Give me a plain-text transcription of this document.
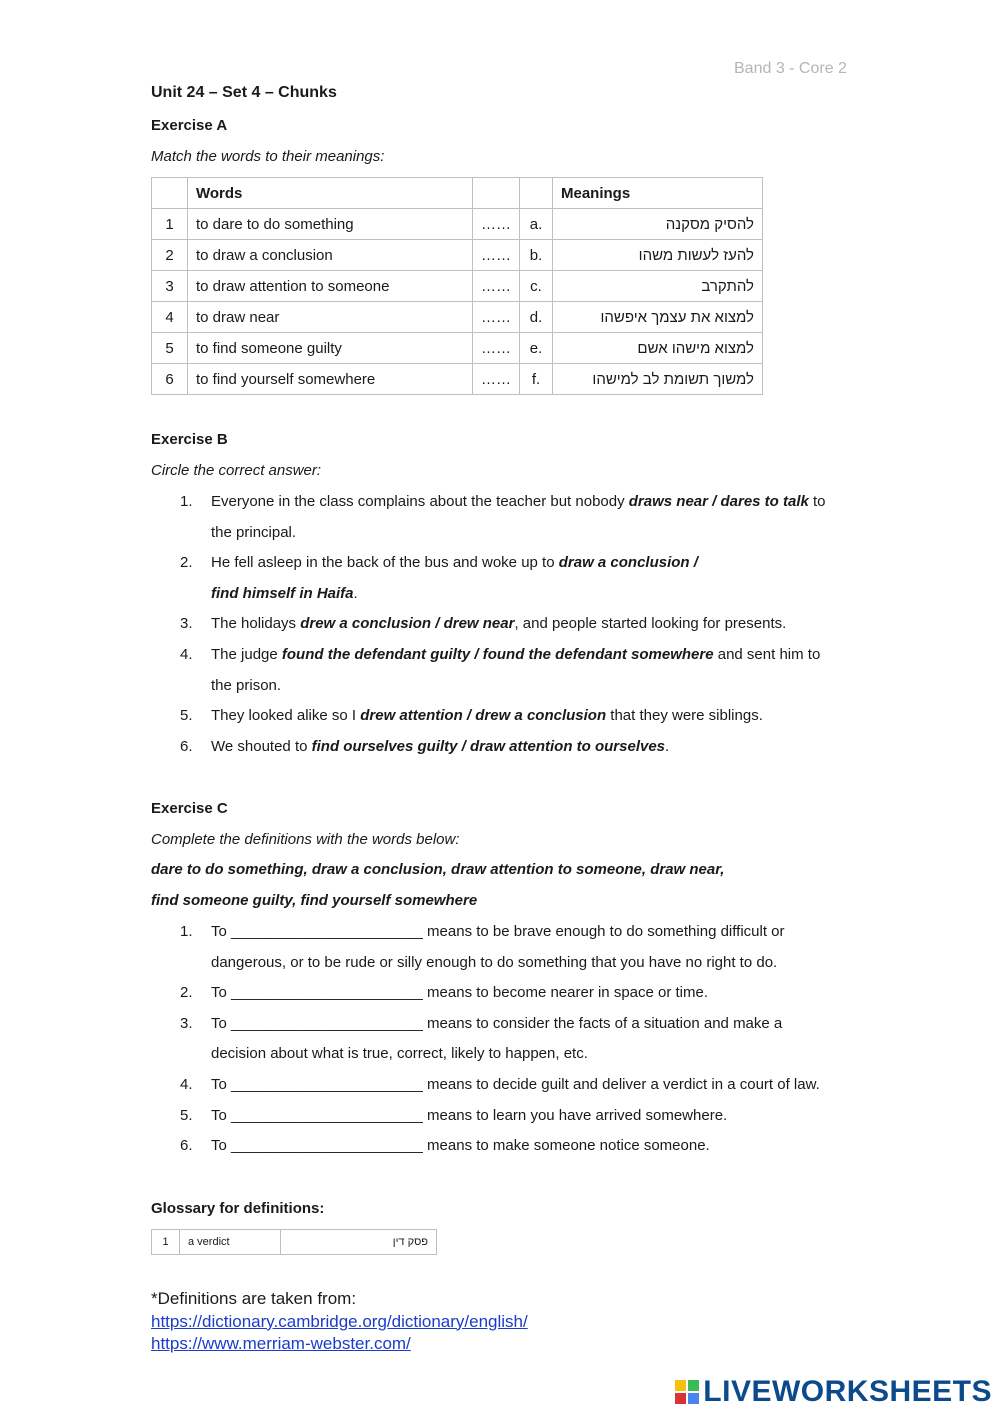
Band 3 - Core 2
Unit 24 – Set 4 – Chunks
Exercise A
Match the words to their meanings:
	Words			Meanings
1	to dare to do something	……	a.	להסיק מסקנה
2	to draw a conclusion	……	b.	להעז לעשות משהו
3	to draw attention to someone	……	c.	להתקרב
4	to draw near	……	d.	למצוא את עצמך איפשהו
5	to find someone guilty	……	e.	למצוא מישהו אשם
6	to find yourself somewhere	……	f.	למשוך תשומת לב למישהו
Exercise B
Circle the correct answer:
1. Everyone in the class complains about the teacher but nobody draws near / dares to talk to
the principal.
2. He fell asleep in the back of the bus and woke up to draw a conclusion /
find himself in Haifa.
3. The holidays drew a conclusion / drew near, and people started looking for presents.
4. The judge found the defendant guilty / found the defendant somewhere and sent him to
the prison.
5. They looked alike so I drew attention / drew a conclusion that they were siblings.
6. We shouted to find ourselves guilty / draw attention to ourselves.
Exercise C
Complete the definitions with the words below:
dare to do something, draw a conclusion, draw attention to someone, draw near,
find someone guilty, find yourself somewhere
1. To _______________________ means to be brave enough to do something difficult or
dangerous, or to be rude or silly enough to do something that you have no right to do.
2. To _______________________ means to become nearer in space or time.
3. To _______________________ means to consider the facts of a situation and make a
decision about what is true, correct, likely to happen, etc.
4. To _______________________ means to decide guilt and deliver a verdict in a court of law.
5. To _______________________ means to learn you have arrived somewhere.
6. To _______________________ means to make someone notice someone.
Glossary for definitions:
1	a verdict	פסק דין
*Definitions are taken from:
https://dictionary.cambridge.org/dictionary/english/
https://www.merriam-webster.com/
LIVEWORKSHEETS
